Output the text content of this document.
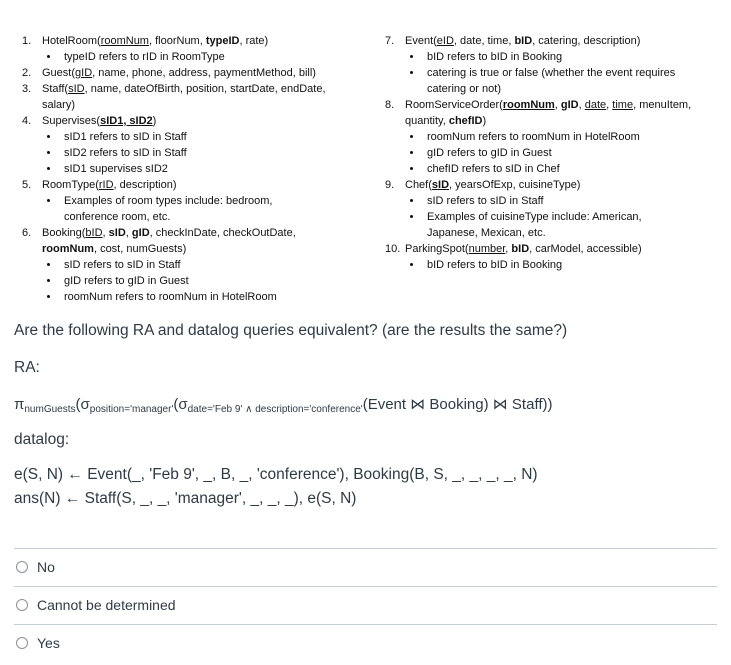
1. HotelRoom(roomNum, floorNum, typeID, rate)
• typeID refers to rID in RoomType
2. Guest(gID, name, phone, address, paymentMethod, bill)
3. Staff(sID, name, dateOfBirth, position, startDate, endDate,
salary)
4. Supervises(sID1, sID2)
• sID1 refers to sID in Staff
• sID2 refers to sID in Staff
• sID1 supervises sID2
5. RoomType(rID, description)
• Examples of room types include: bedroom, conference room, etc.
6. Booking(bID, sID, gID, checkInDate, checkOutDate,
roomNum, cost, numGuests)
• sID refers to sID in Staff
• gID refers to gID in Guest
• roomNum refers to roomNum in HotelRoom
7. Event(eID, date, time, bID, catering, description)
• bID refers to bID in Booking
• catering is true or false (whether the event requires catering or not)
8. RoomServiceOrder(roomNum, gID, date, time, menuItem,
quantity, chefID)
• roomNum refers to roomNum in HotelRoom
• gID refers to gID in Guest
• chefID refers to sID in Chef
9. Chef(sID, yearsOfExp, cuisineType)
• sID refers to sID in Staff
• Examples of cuisineType include: American, Japanese, Mexican, etc.
10. ParkingSpot(number, bID, carModel, accessible)
• bID refers to bID in Booking
Are the following RA and datalog queries equivalent? (are the results the same?)
RA:
$\pi_{numGuests}(\sigma_{position='manager'}(\sigma_{date='Feb 9' \wedge description='conference'}(Event$ ⋈ Booking) ⋈ Staff))
datalog:
e(S, N) ← Event(_, 'Feb 9', _, B, _, 'conference'), Booking(B, S, _, _, _, _, N)
ans(N) ← Staff(S, _, _, 'manager', _, _, _), e(S, N)
No
Cannot be determined
Yes
